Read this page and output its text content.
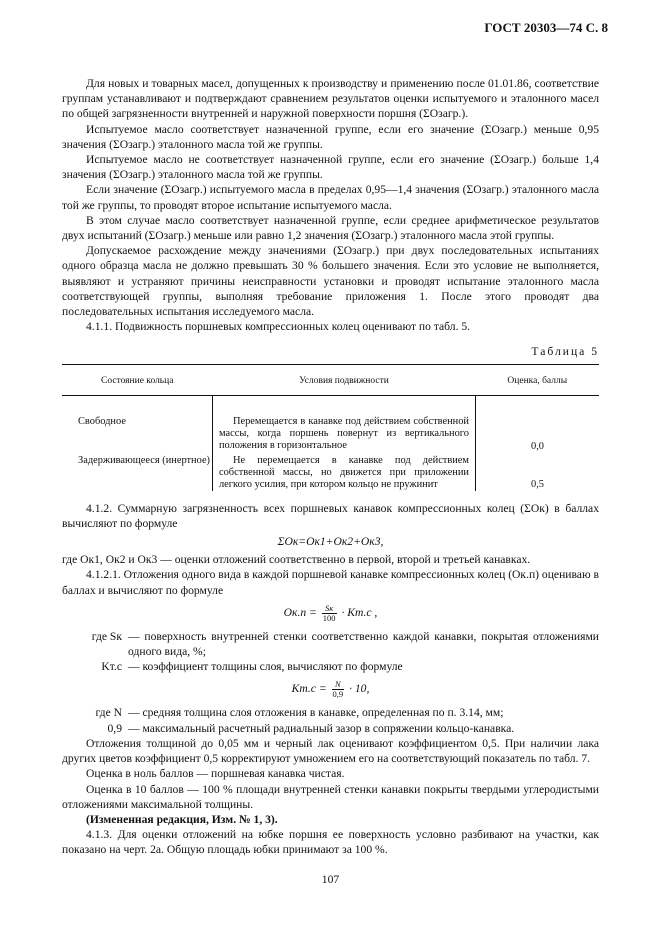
ГОСТ 20303—74 С. 8

Для новых и товарных масел, допущенных к производству и применению после 01.01.86, соответствие группам устанавливают и подтверждают сравнением результатов оценки испытуемого и эталонного масел по общей загрязненности внутренней и наружной поверхности поршня (ΣOзагр.).

Испытуемое масло соответствует назначенной группе, если его значение (ΣOзагр.) меньше 0,95 значения (ΣOзагр.) эталонного масла той же группы.

Испытуемое масло не соответствует назначенной группе, если его значение (ΣOзагр.) больше 1,4 значения (ΣOзагр.) эталонного масла той же группы.

Если значение (ΣOзагр.) испытуемого масла в пределах 0,95—1,4 значения (ΣOзагр.) эталонного масла той же группы, то проводят второе испытание испытуемого масла.

В этом случае масло соответствует назначенной группе, если среднее арифметическое результатов двух испытаний (ΣOзагр.) меньше или равно 1,2 значения (ΣOзагр.) эталонного масла этой группы.

Допускаемое расхождение между значениями (ΣOзагр.) при двух последовательных испытаниях одного образца масла не должно превышать 30 % большего значения. Если это условие не выполняется, выявляют и устраняют причины неисправности установки и проводят испытание эталонного масла соответствующей группы, выполняя требование приложения 1. После этого проводят два последовательных испытания исследуемого масла.

4.1.1. Подвижность поршневых компрессионных колец оценивают по табл. 5.

Таблица 5
Состояние кольца	Условия подвижности	Оценка, баллы
Свободное	Перемещается в канавке под действием собственной массы, когда поршень повернут из вертикального положения в горизонтальное	0,0
Задерживающееся (инертное)	Не перемещается в канавке под действием собственной массы, но движется при приложении легкого усилия, при котором кольцо не пружинит	0,5

4.1.2. Суммарную загрязненность всех поршневых канавок компрессионных колец (ΣOк) в баллах вычисляют по формуле

ΣOк=Oк1+Oк2+Oк3,

где Oк1, Oк2 и Oк3 — оценки отложений соответственно в первой, второй и третьей канавках.

4.1.2.1. Отложения одного вида в каждой поршневой канавке компрессионных колец (Oк.п) оцениваю в баллах и вычисляют по формуле

$Oк.п = \frac{Sк}{100} \cdot Kт.с$ ,
где Sк — поверхность внутренней стенки соответственно каждой канавки, покрытая отложениями одного вида, %;
Kт.с — коэффициент толщины слоя, вычисляют по формуле
$Kт.с = \frac{N}{0,9} \cdot 10$,
где N — средняя толщина слоя отложения в канавке, определенная по п. 3.14, мм;
0,9 — максимальный расчетный радиальный зазор в сопряжении кольцо-канавка.

Отложения толщиной до 0,05 мм и черный лак оценивают коэффициентом 0,5. При наличии лака других цветов коэффициент 0,5 корректируют умножением его на соответствующий показатель по табл. 7.

Оценка в ноль баллов — поршневая канавка чистая.

Оценка в 10 баллов — 100 % площади внутренней стенки канавки покрыты твердыми углеродистыми отложениями максимальной толщины.

(Измененная редакция, Изм. № 1, 3).

4.1.3. Для оценки отложений на юбке поршня ее поверхность условно разбивают на участки, как показано на черт. 2а. Общую площадь юбки принимают за 100 %.

107
